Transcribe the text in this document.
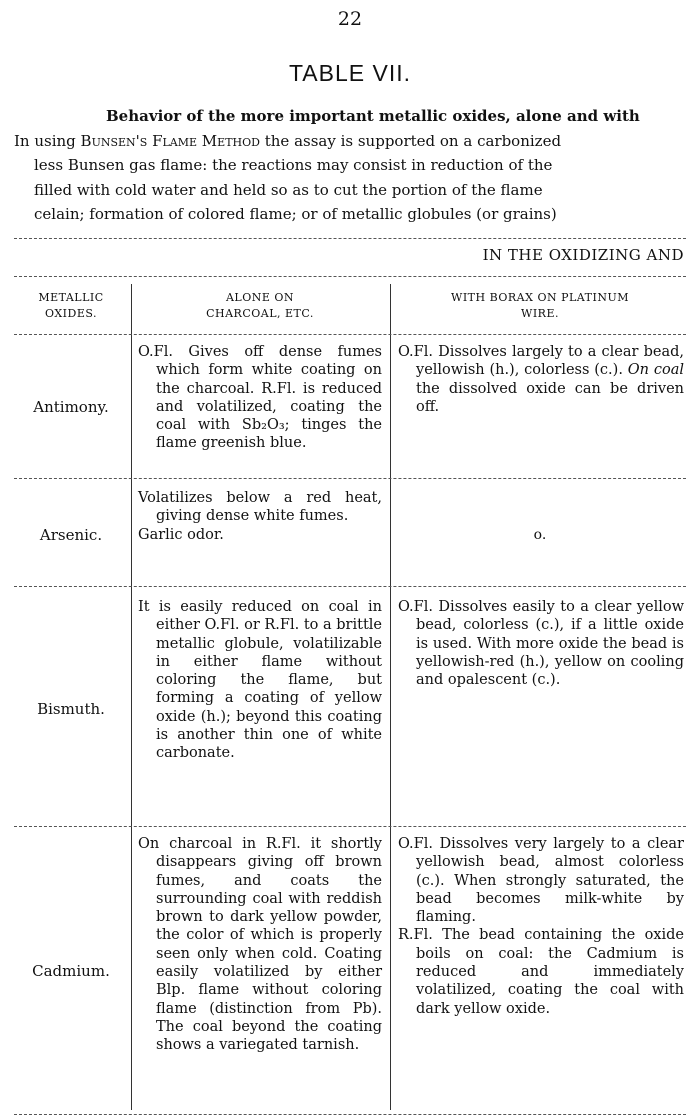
22
TABLE VII.
Behavior of the more important metallic oxides, alone and with
In using Bunsen's Flame Method the assay is supported on a carbonized
less Bunsen gas flame: the reactions may consist in reduction of the
filled with cold water and held so as to cut the portion of the flame
celain; formation of colored flame; or of metallic globules (or grains)
IN THE OXIDIZING AND
METALLIC
OXIDES.
ALONE ON
CHARCOAL, ETC.
WITH BORAX ON PLATINUM
WIRE.
Antimony.
O.Fl. Gives off dense fumes which form white coating on the charcoal. R.Fl. is reduced and volatilized, coating the coal with Sb₂O₃; tinges the flame greenish blue.
O.Fl. Dissolves largely to a clear bead, yellowish (h.), colorless (c.). On coal the dissolved oxide can be driven off.
Arsenic.
Volatilizes below a red heat, giving dense white fumes.
Garlic odor.	o.
Bismuth.
It is easily reduced on coal in either O.Fl. or R.Fl. to a brittle metallic globule, volatilizable in either flame without coloring the flame, but forming a coating of yellow oxide (h.); beyond this coating is another thin one of white carbonate.
O.Fl. Dissolves easily to a clear yellow bead, colorless (c.), if a little oxide is used. With more oxide the bead is yellowish-red (h.), yellow on cooling and opalescent (c.).
Cadmium.
On charcoal in R.Fl. it shortly disappears giving off brown fumes, and coats the surrounding coal with reddish brown to dark yellow powder, the color of which is properly seen only when cold. Coating easily volatilized by either Blp. flame without coloring flame (distinction from Pb). The coal beyond the coating shows a variegated tarnish.
O.Fl. Dissolves very largely to a clear yellowish bead, almost colorless (c.). When strongly saturated, the bead becomes milk-white by flaming.
R.Fl. The bead containing the oxide boils on coal: the Cadmium is reduced and immediately volatilized, coating the coal with dark yellow oxide.
